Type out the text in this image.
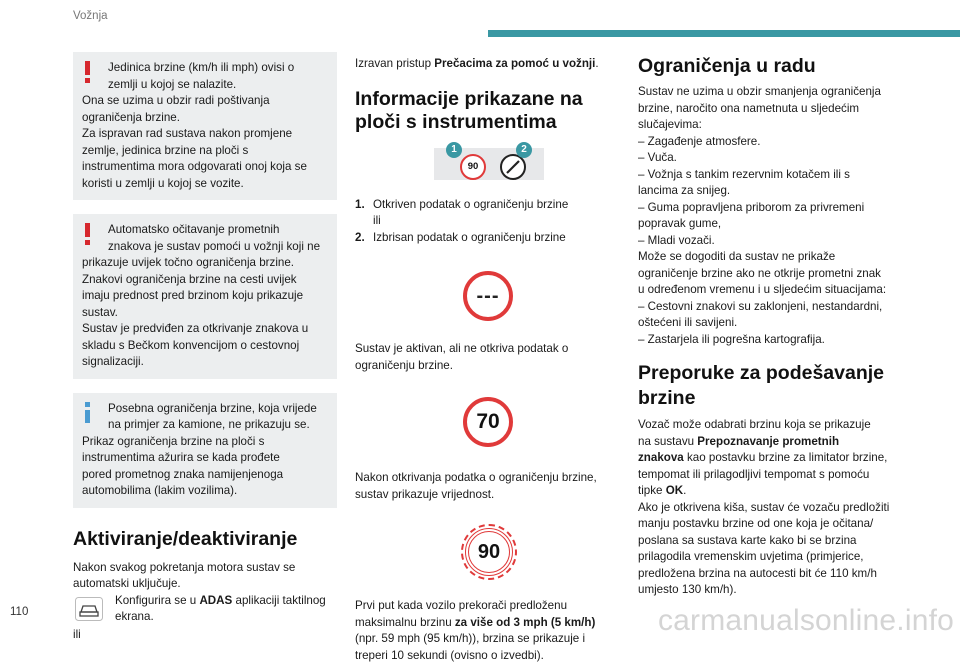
Vožnja

Jedinica brzine (km/h ili mph) ovisi o

zemlji u kojoj se nalazite.

Ona se uzima u obzir radi poštivanja

ograničenja brzine.

Za ispravan rad sustava nakon promjene

zemlje, jedinica brzine na ploči s

instrumentima mora odgovarati onoj koja se

koristi u zemlji u kojoj se vozite.

Automatsko očitavanje prometnih

znakova je sustav pomoći u vožnji koji ne

prikazuje uvijek točno ograničenja brzine.

Znakovi ograničenja brzine na cesti uvijek

imaju prednost pred brzinom koju prikazuje

sustav.

Sustav je predviđen za otkrivanje znakova u

skladu s Bečkom konvencijom o cestovnoj

signalizaciji.

Posebna ograničenja brzine, koja vrijede

na primjer za kamione, ne prikazuju se.

Prikaz ograničenja brzine na ploči s

instrumentima ažurira se kada prođete

pored prometnog znaka namijenjenoga

automobilima (lakim vozilima).

Aktiviranje/deaktiviranje

Nakon svakog pokretanja motora sustav se

automatski uključuje.

Konfigurira se u ADAS aplikaciji taktilnog

ekrana.

ili

Izravan pristup Prečacima za pomoć u vožnji.

Informacije prikazane na
ploči s instrumentima
90
1	2
1. Otkriven podatak o ograničenju brzine

ili

2. Izbrisan podatak o ograničenju brzine

---

Sustav je aktivan, ali ne otkriva podatak o

ograničenju brzine.

70

Nakon otkrivanja podatka o ograničenju brzine,

sustav prikazuje vrijednost.

90

Prvi put kada vozilo prekorači predloženu

maksimalnu brzinu za više od 3 mph (5 km/h)

(npr. 59 mph (95 km/h)), brzina se prikazuje i

treperi 10 sekundi (ovisno o izvedbi).

Ograničenja u radu

Sustav ne uzima u obzir smanjenja ograničenja

brzine, naročito ona nametnuta u sljedećim

slučajevima:

– Zagađenje atmosfere.

– Vuča.

– Vožnja s tankim rezervnim kotačem ili s

lancima za snijeg.

– Guma popravljena priborom za privremeni

popravak gume,

– Mladi vozači.

Može se dogoditi da sustav ne prikaže

ograničenje brzine ako ne otkrije prometni znak

u određenom vremenu i u sljedećim situacijama:

– Cestovni znakovi su zaklonjeni, nestandardni,

oštećeni ili savijeni.

– Zastarjela ili pogrešna kartografija.

Preporuke za podešavanje
brzine

Vozač može odabrati brzinu koja se prikazuje

na sustavu Prepoznavanje prometnih

znakova kao postavku brzine za limitator brzine,

tempomat ili prilagodljivi tempomat s pomoću

tipke OK.

Ako je otkrivena kiša, sustav će vozaču predložiti

manju postavku brzine od one koja je očitana/

poslana sa sustava karte kako bi se brzina

prilagodila vremenskim uvjetima (primjerice,

predložena brzina na autocesti bit će 110 km/h

umjesto 130 km/h).

110	carmanualsonline.info
